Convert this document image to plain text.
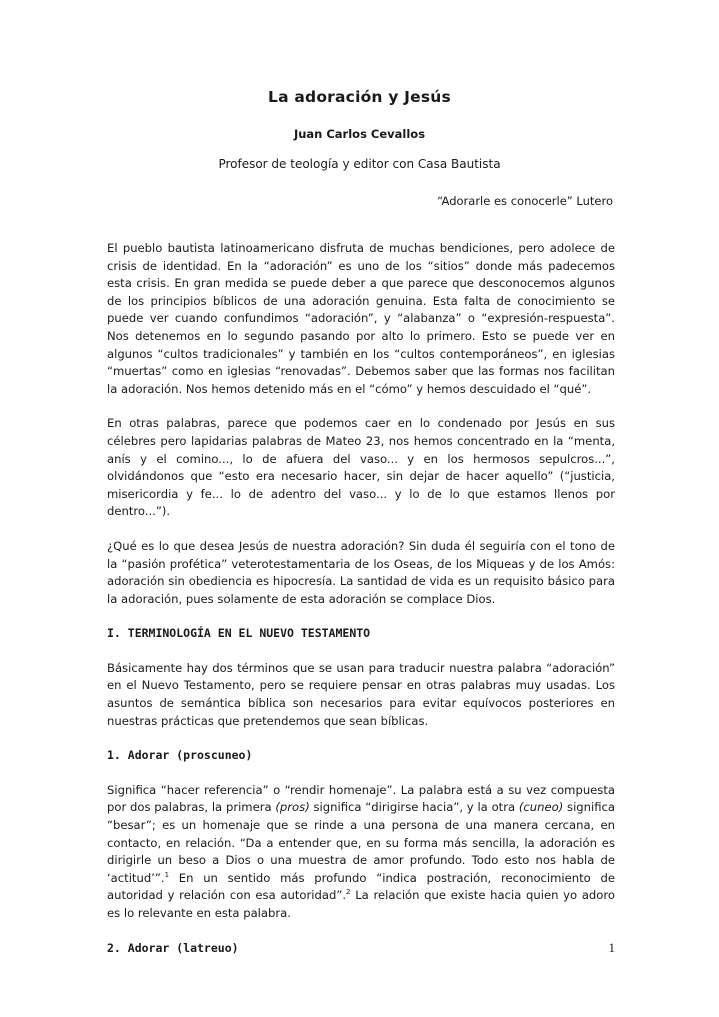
La adoración y Jesús
Juan Carlos Cevallos
Profesor de teología y editor con Casa Bautista
“Adorarle es conocerle” Lutero

El pueblo bautista latinoamericano disfruta de muchas bendiciones, pero adolece de crisis de identidad. En la “adoración” es uno de los “sitios” donde más padecemos esta crisis. En gran medida se puede deber a que parece que desconocemos algunos de los principios bíblicos de una adoración genuina. Esta falta de conocimiento se puede ver cuando confundimos “adoración”, y “alabanza” o “expresión-respuesta”. Nos detenemos en lo segundo pasando por alto lo primero. Esto se puede ver en algunos “cultos tradicionales” y también en los “cultos contemporáneos”, en iglesias “muertas” como en iglesias “renovadas”. Debemos saber que las formas nos facilitan la adoración. Nos hemos detenido más en el “cómo” y hemos descuidado el “qué”.

En otras palabras, parece que podemos caer en lo condenado por Jesús en sus célebres pero lapidarias palabras de Mateo 23, nos hemos concentrado en la “menta, anís y el comino..., lo de afuera del vaso... y en los hermosos sepulcros...”, olvidándonos que “esto era necesario hacer, sin dejar de hacer aquello” (“justicia, misericordia y fe... lo de adentro del vaso... y lo de lo que estamos llenos por dentro...”).

¿Qué es lo que desea Jesús de nuestra adoración? Sin duda él seguiría con el tono de la “pasión profética” veterotestamentaria de los Oseas, de los Miqueas y de los Amós: adoración sin obediencia es hipocresía. La santidad de vida es un requisito básico para la adoración, pues solamente de esta adoración se complace Dios.

I. TERMINOLOGÍA EN EL NUEVO TESTAMENTO

Básicamente hay dos términos que se usan para traducir nuestra palabra “adoración” en el Nuevo Testamento, pero se requiere pensar en otras palabras muy usadas. Los asuntos de semántica bíblica son necesarios para evitar equívocos posteriores en nuestras prácticas que pretendemos que sean bíblicas.

1. Adorar (proscuneo)

Significa “hacer referencia” o “rendir homenaje”. La palabra está a su vez compuesta por dos palabras, la primera (pros) significa “dirigirse hacia”, y la otra (cuneo) significa “besar”; es un homenaje que se rinde a una persona de una manera cercana, en contacto, en relación. “Da a entender que, en su forma más sencilla, la adoración es dirigirle un beso a Dios o una muestra de amor profundo. Todo esto nos habla de ‘actitud’”.$^1$ En un sentido más profundo “indica postración, reconocimiento de autoridad y relación con esa autoridad”.$^2$ La relación que existe hacia quien yo adoro es lo relevante en esta palabra.

2. Adorar (latreuo)	1
